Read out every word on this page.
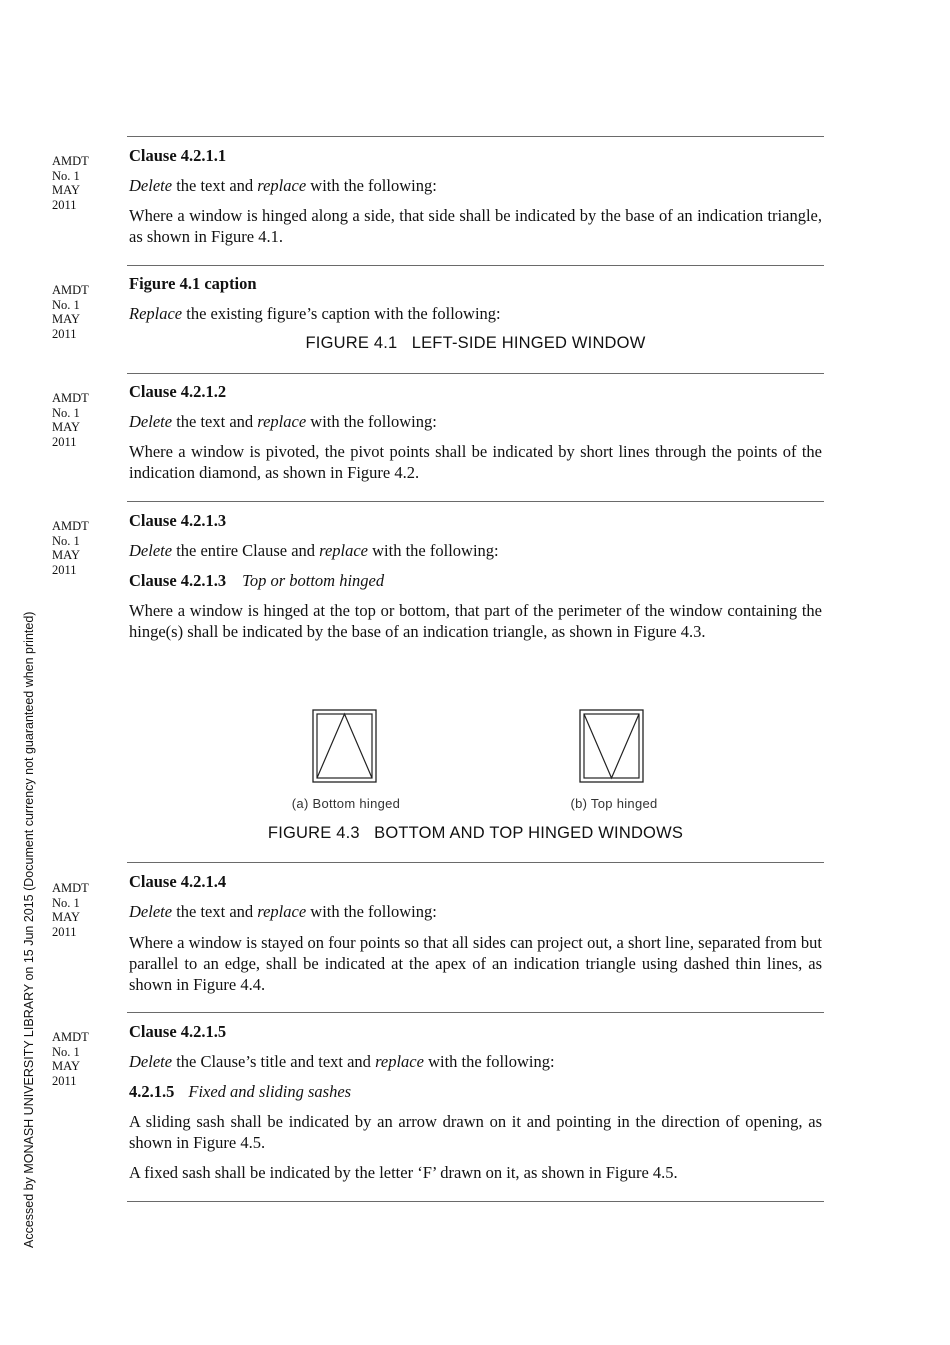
Accessed by MONASH UNIVERSITY LIBRARY on 15 Jun 2015 (Document currency not guaranteed when printed)
AMDT
No. 1
MAY
2011
AMDT
No. 1
MAY
2011
AMDT
No. 1
MAY
2011
AMDT
No. 1
MAY
2011
AMDT
No. 1
MAY
2011
AMDT
No. 1
MAY
2011

Clause 4.2.1.1

Delete the text and replace with the following:

Where a window is hinged along a side, that side shall be indicated by the base of an indication triangle, as shown in Figure 4.1.

Figure 4.1 caption

Replace the existing figure’s caption with the following:

FIGURE 4.1   LEFT-SIDE HINGED WINDOW

Clause 4.2.1.2

Delete the text and replace with the following:

Where a window is pivoted, the pivot points shall be indicated by short lines through the points of the indication diamond, as shown in Figure 4.2.

Clause 4.2.1.3

Delete the entire Clause and replace with the following:

Clause 4.2.1.3 Top or bottom hinged

Where a window is hinged at the top or bottom, that part of the perimeter of the window containing the hinge(s) shall be indicated by the base of an indication triangle, as shown in Figure 4.3.

(a) Bottom hinged	(b) Top hinged
FIGURE 4.3   BOTTOM AND TOP HINGED WINDOWS

Clause 4.2.1.4

Delete the text and replace with the following:

Where a window is stayed on four points so that all sides can project out, a short line, separated from but parallel to an edge, shall be indicated at the apex of an indication triangle using dashed thin lines, as shown in Figure 4.4.

Clause 4.2.1.5

Delete the Clause’s title and text and replace with the following:

4.2.1.5 Fixed and sliding sashes

A sliding sash shall be indicated by an arrow drawn on it and pointing in the direction of opening, as shown in Figure 4.5.

A fixed sash shall be indicated by the letter ‘F’ drawn on it, as shown in Figure 4.5.
